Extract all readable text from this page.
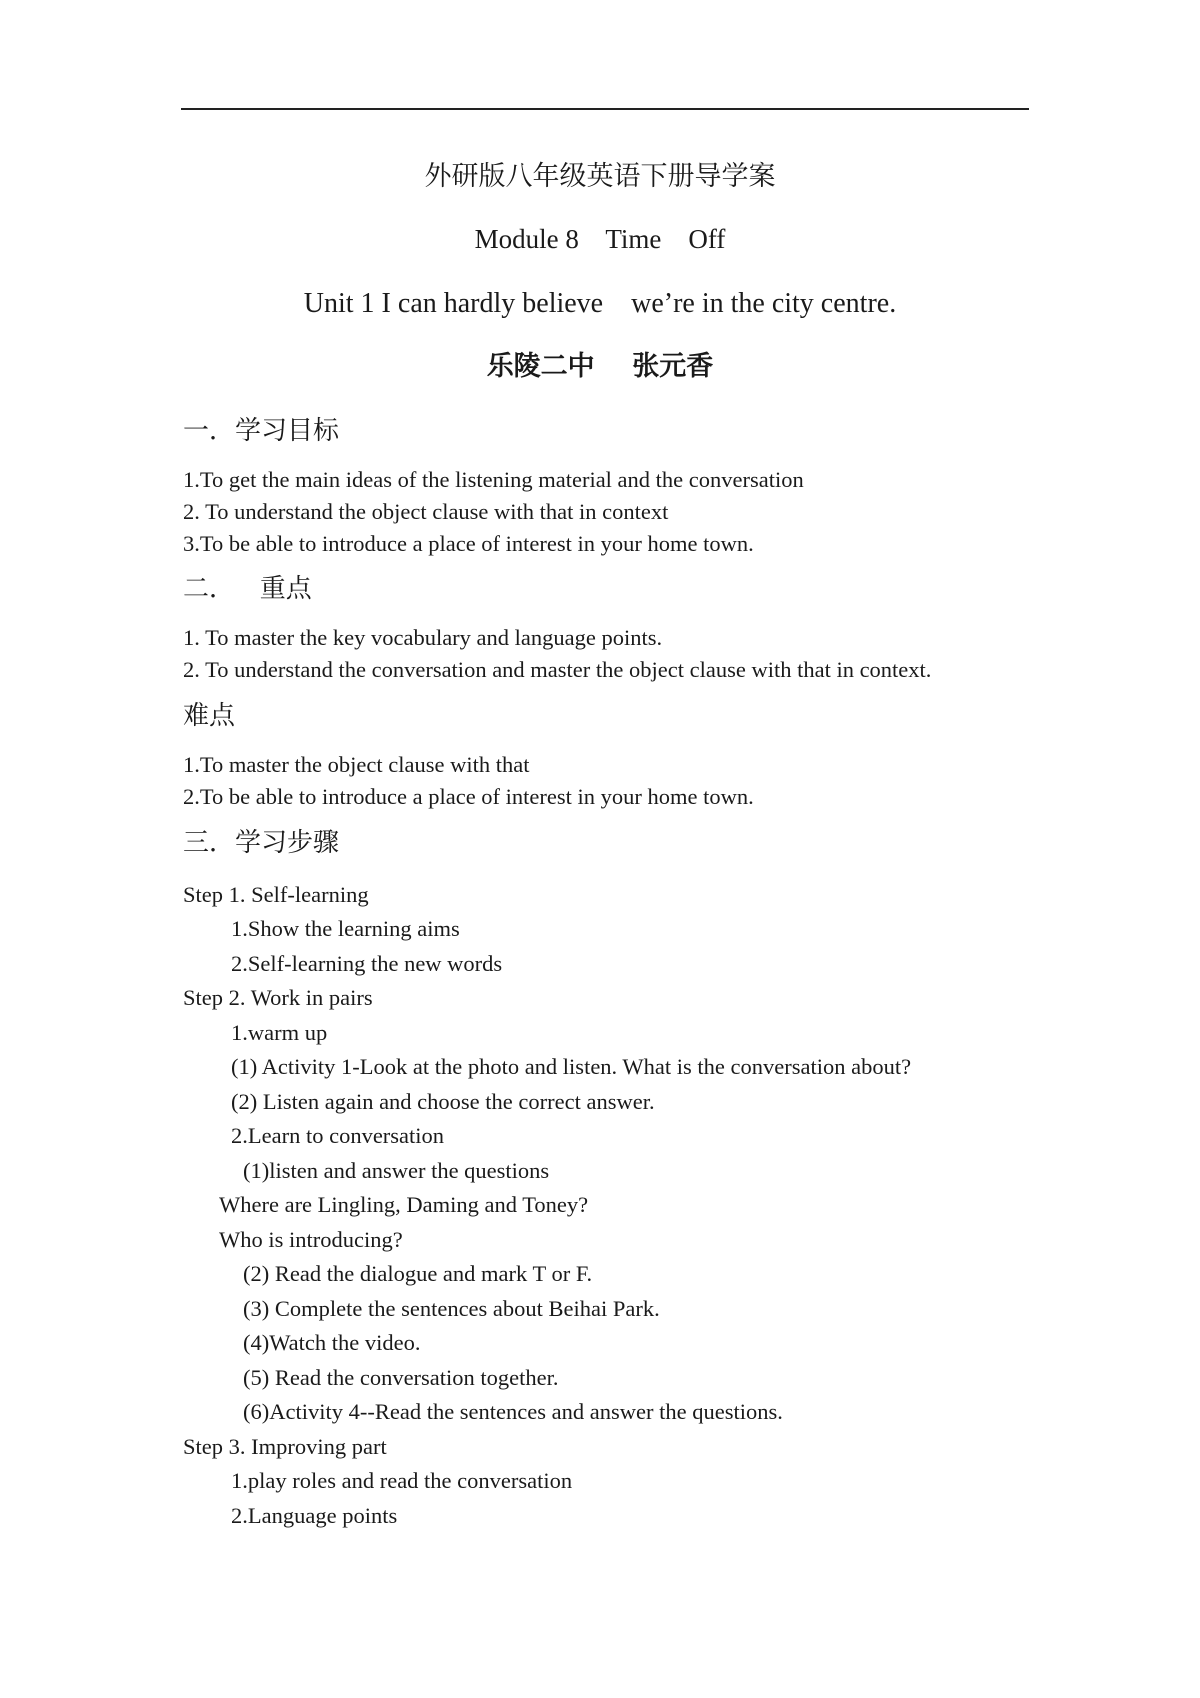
外研版八年级英语下册导学案
Module 8    Time    Off
Unit 1 I can hardly believe    we’re in the city centre.
乐陵二中    张元香
一．学习目标
1.To get the main ideas of the listening material and the conversation
2. To understand the object clause with that in context
3.To be able to introduce a place of interest in your home town.
二．   重点
1. To master the key vocabulary and language points.
2. To understand the conversation and master the object clause with that in context.
难点
1.To master the object clause with that
2.To be able to introduce a place of interest in your home town.
三．学习步骤
Step 1. Self-learning
1.Show the learning aims
2.Self-learning the new words
Step 2. Work in pairs
1.warm up
(1) Activity 1-Look at the photo and listen. What is the conversation about?
(2) Listen again and choose the correct answer.
2.Learn to conversation
(1)listen and answer the questions
Where are Lingling, Daming and Toney?
Who is introducing?
(2) Read the dialogue and mark T or F.
(3) Complete the sentences about Beihai Park.
(4)Watch the video.
(5) Read the conversation together.
(6)Activity 4--Read the sentences and answer the questions.
Step 3. Improving part
1.play roles and read the conversation
2.Language points
